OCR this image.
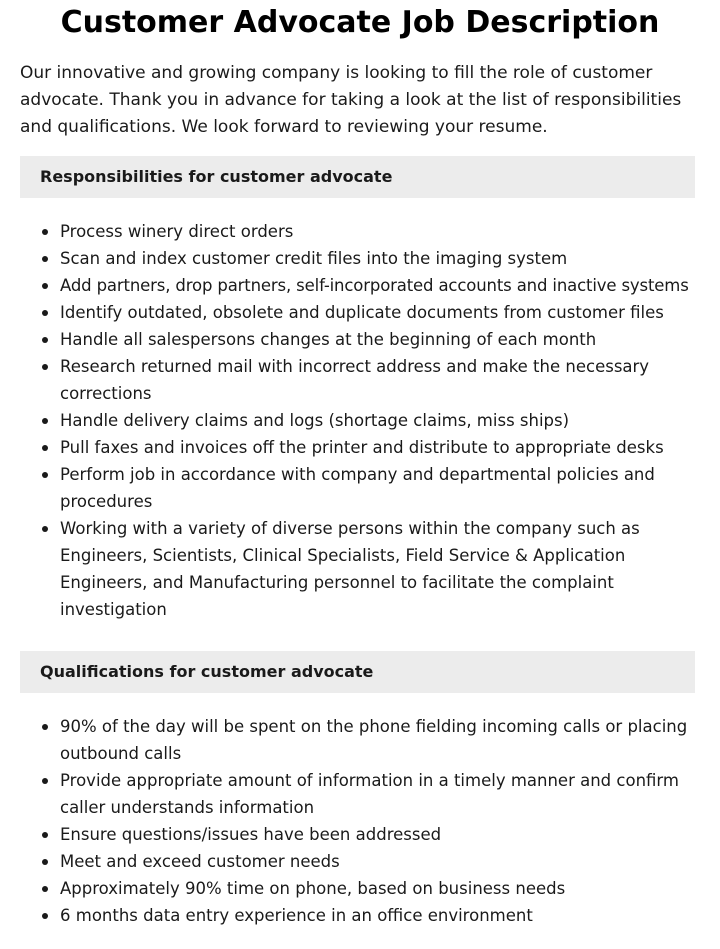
Customer Advocate Job Description

Our innovative and growing company is looking to fill the role of customer advocate. Thank you in advance for taking a look at the list of responsibilities and qualifications. We look forward to reviewing your resume.

Responsibilities for customer advocate
Process winery direct orders
Scan and index customer credit files into the imaging system
Add partners, drop partners, self-incorporated accounts and inactive systems
Identify outdated, obsolete and duplicate documents from customer files
Handle all salespersons changes at the beginning of each month
Research returned mail with incorrect address and make the necessary corrections
Handle delivery claims and logs (shortage claims, miss ships)
Pull faxes and invoices off the printer and distribute to appropriate desks
Perform job in accordance with company and departmental policies and procedures
Working with a variety of diverse persons within the company such as Engineers, Scientists, Clinical Specialists, Field Service & Application Engineers, and Manufacturing personnel to facilitate the complaint investigation
Qualifications for customer advocate
90% of the day will be spent on the phone fielding incoming calls or placing outbound calls
Provide appropriate amount of information in a timely manner and confirm caller understands information
Ensure questions/issues have been addressed
Meet and exceed customer needs
Approximately 90% time on phone, based on business needs
6 months data entry experience in an office environment
